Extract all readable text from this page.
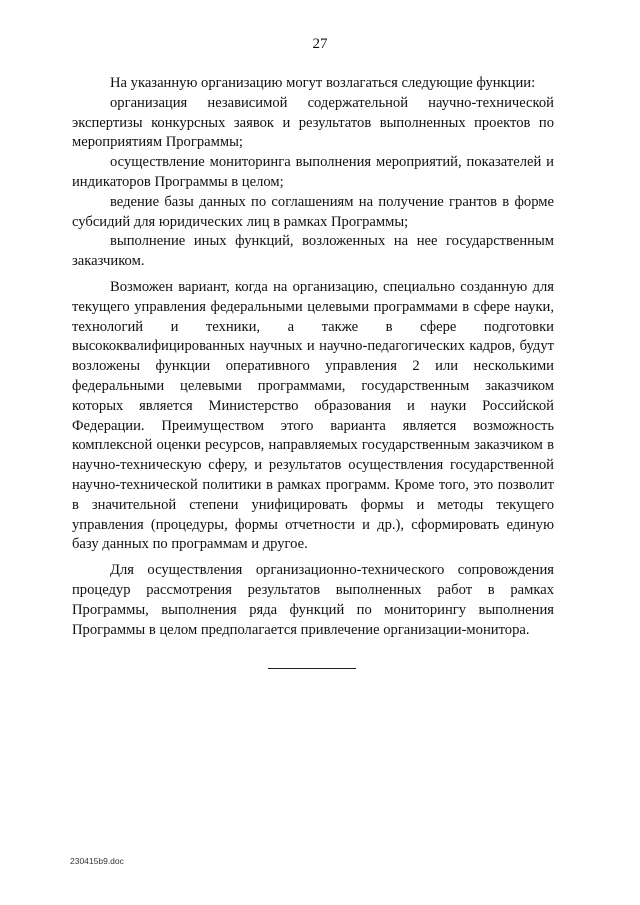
27

На указанную организацию могут возлагаться следующие функции:

организация независимой содержательной научно-технической экспертизы конкурсных заявок и результатов выполненных проектов по мероприятиям Программы;

осуществление мониторинга выполнения мероприятий, показателей и индикаторов Программы в целом;

ведение базы данных по соглашениям на получение грантов в форме субсидий для юридических лиц в рамках Программы;

выполнение иных функций, возложенных на нее государственным заказчиком.

Возможен вариант, когда на организацию, специально созданную для текущего управления федеральными целевыми программами в сфере науки, технологий и техники, а также в сфере подготовки высококвалифицированных научных и научно-педагогических кадров, будут возложены функции оперативного управления 2 или несколькими федеральными целевыми программами, государственным заказчиком которых является Министерство образования и науки Российской Федерации. Преимуществом этого варианта является возможность комплексной оценки ресурсов, направляемых государственным заказчиком в научно-техническую сферу, и результатов осуществления государственной научно-технической политики в рамках программ. Кроме того, это позволит в значительной степени унифицировать формы и методы текущего управления (процедуры, формы отчетности и др.), сформировать единую базу данных по программам и другое.

Для осуществления организационно-технического сопровождения процедур рассмотрения результатов выполненных работ в рамках Программы, выполнения ряда функций по мониторингу выполнения Программы в целом предполагается привлечение организации-монитора.

230415b9.doc
